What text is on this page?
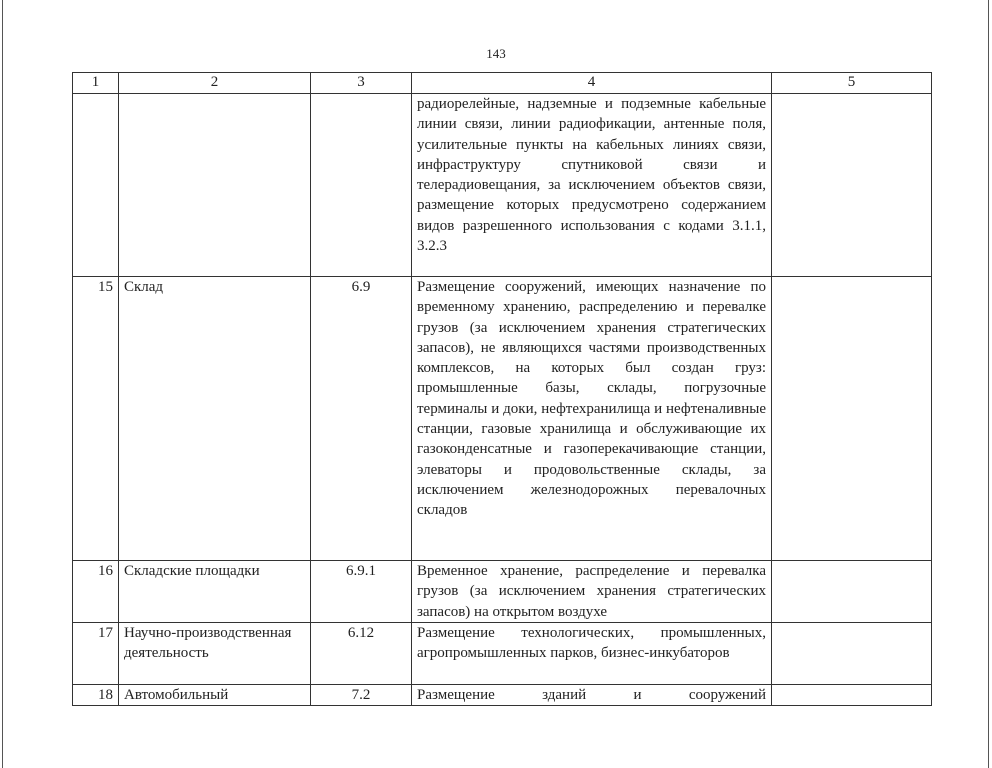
143
1	2	3	4	5
			радиорелейные, надземные и подземные кабельные линии связи, линии радиофикации, антенные поля, усилительные пункты на кабельных линиях связи, инфраструктуру спутниковой связи и телерадиовещания, за исключением объектов связи, размещение которых предусмотрено содержанием видов разрешенного использования с кодами 3.1.1, 3.2.3	
15	Склад	6.9	Размещение сооружений, имеющих назначение по временному хранению, распределению и перевалке грузов (за исключением хранения стратегических запасов), не являющихся частями производственных комплексов, на которых был создан груз: промышленные базы, склады, погрузочные терминалы и доки, нефтехранилища и нефтеналивные станции, газовые хранилища и обслуживающие их газоконденсатные и газоперекачивающие станции, элеваторы и продовольственные склады, за исключением железнодорожных перевалочных складов	
16	Складские площадки	6.9.1	Временное хранение, распределение и перевалка грузов (за исключением хранения стратегических запасов) на открытом воздухе	
17	Научно-производственная деятельность	6.12	Размещение технологических, промышленных, агропромышленных парков, бизнес-инкубаторов	
18	Автомобильный	7.2	Размещение зданий и сооружений	
